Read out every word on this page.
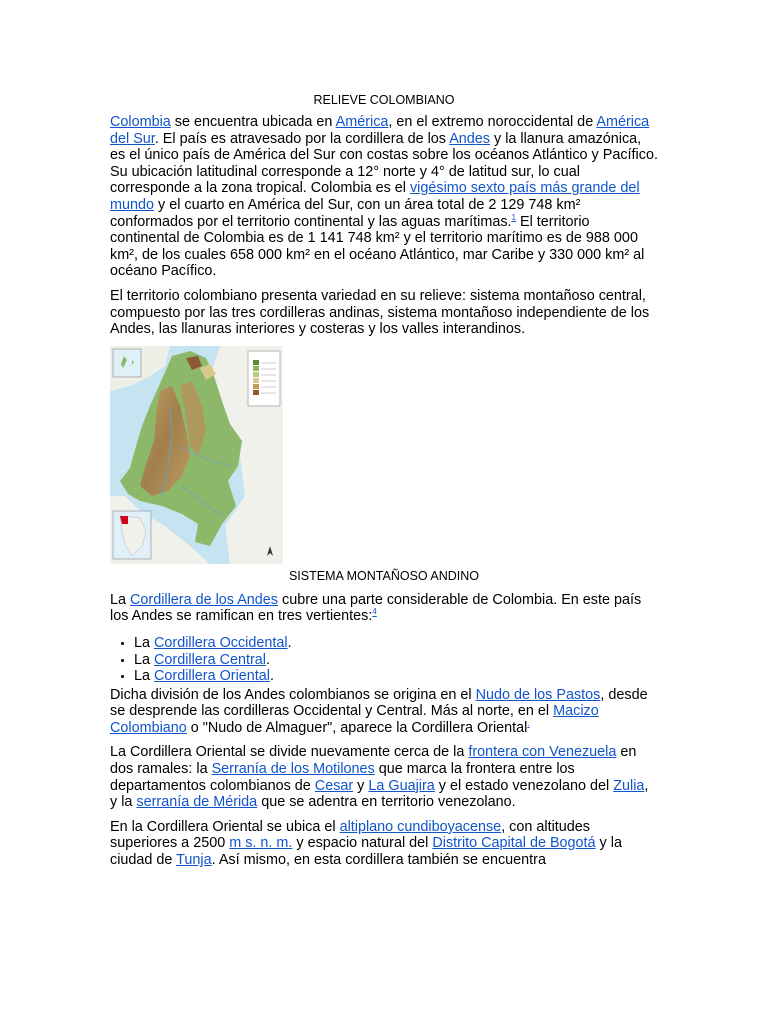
RELIEVE COLOMBIANO

Colombia se encuentra ubicada en América, en el extremo noroccidental de América del Sur. El país es atravesado por la cordillera de los Andes y la llanura amazónica, es el único país de América del Sur con costas sobre los océanos Atlántico y Pacífico. Su ubicación latitudinal corresponde a 12° norte y 4° de latitud sur, lo cual corresponde a la zona tropical. Colombia es el vigésimo sexto país más grande del mundo y el cuarto en América del Sur, con un área total de 2 129 748 km² conformados por el territorio continental y las aguas marítimas.$^1$ El territorio continental de Colombia es de 1 141 748 km² y el territorio marítimo es de 988 000 km², de los cuales 658 000 km² en el océano Atlántico, mar Caribe y 330 000 km² al océano Pacífico.

El territorio colombiano presenta variedad en su relieve: sistema montañoso central, compuesto por las tres cordilleras andinas, sistema montañoso independiente de los Andes, las llanuras interiores y costeras y los valles interandinos.

SISTEMA MONTAÑOSO ANDINO

La Cordillera de los Andes cubre una parte considerable de Colombia. En este país los Andes se ramifican en tres vertientes:$^4$

• La Cordillera Occidental.
• La Cordillera Central.
• La Cordillera Oriental.

Dicha división de los Andes colombianos se origina en el Nudo de los Pastos, desde se desprende las cordilleras Occidental y Central. Más al norte, en el Macizo Colombiano o "Nudo de Almaguer", aparece la Cordillera Oriental.

La Cordillera Oriental se divide nuevamente cerca de la frontera con Venezuela en dos ramales: la Serranía de los Motilones que marca la frontera entre los departamentos colombianos de Cesar y La Guajira y el estado venezolano del Zulia, y la serranía de Mérida que se adentra en territorio venezolano.

En la Cordillera Oriental se ubica el altiplano cundiboyacense, con altitudes superiores a 2500 m s. n. m. y espacio natural del Distrito Capital de Bogotá y la ciudad de Tunja. Así mismo, en esta cordillera también se encuentra
